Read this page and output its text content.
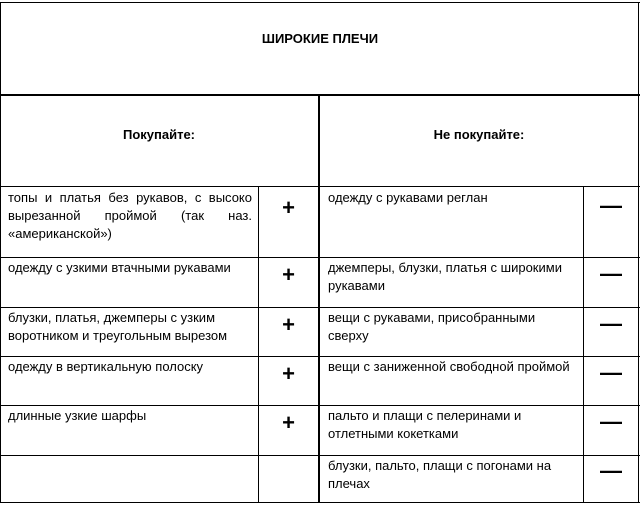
ШИРОКИЕ ПЛЕЧИ
Покупайте:	Не покупайте:
топы и платья без рукавов, с высоко вырезанной проймой (так наз. «американской»)
одежду с узкими втачными рукавами
блузки, платья, джемперы с узким воротником и треугольным вырезом
одежду в вертикальную полоску
длинные узкие шарфы
+
+
+
+
+
одежду с рукавами реглан
джемперы, блузки, платья с широкими рукавами
вещи с рукавами, присобранными сверху
вещи с заниженной свободной проймой
пальто и плащи с пелеринами и отлетными кокетками
блузки, пальто, плащи с погонами на плечах
—
—
—
—
—
—
